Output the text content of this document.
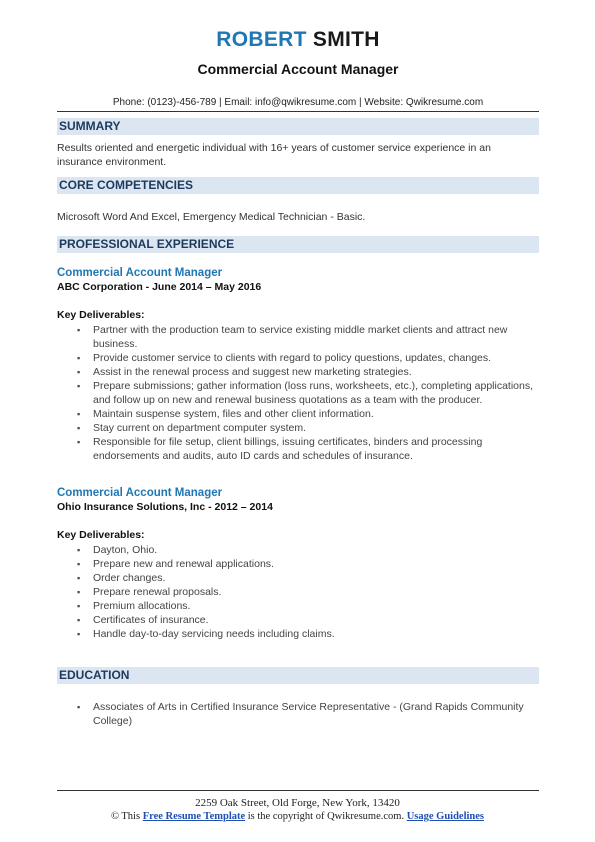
ROBERT SMITH
Commercial Account Manager
Phone: (0123)-456-789 | Email: info@qwikresume.com | Website: Qwikresume.com
SUMMARY

Results oriented and energetic individual with 16+ years of customer service experience in an insurance environment.

CORE COMPETENCIES

Microsoft Word And Excel, Emergency Medical Technician - Basic.

PROFESSIONAL EXPERIENCE
Commercial Account Manager
ABC Corporation - June 2014 – May 2016
Key Deliverables:
▪ Partner with the production team to service existing middle market clients and attract new business.
▪ Provide customer service to clients with regard to policy questions, updates, changes.
▪ Assist in the renewal process and suggest new marketing strategies.
▪ Prepare submissions; gather information (loss runs, worksheets, etc.), completing applications, and follow up on new and renewal business quotations as a team with the producer.
▪ Maintain suspense system, files and other client information.
▪ Stay current on department computer system.
▪ Responsible for file setup, client billings, issuing certificates, binders and processing endorsements and audits, auto ID cards and schedules of insurance.
Commercial Account Manager
Ohio Insurance Solutions, Inc - 2012 – 2014
Key Deliverables:
▪ Dayton, Ohio.
▪ Prepare new and renewal applications.
▪ Order changes.
▪ Prepare renewal proposals.
▪ Premium allocations.
▪ Certificates of insurance.
▪ Handle day-to-day servicing needs including claims.
EDUCATION
▪ Associates of Arts in Certified Insurance Service Representative - (Grand Rapids Community College)
2259 Oak Street, Old Forge, New York, 13420
© This Free Resume Template is the copyright of Qwikresume.com. Usage Guidelines
